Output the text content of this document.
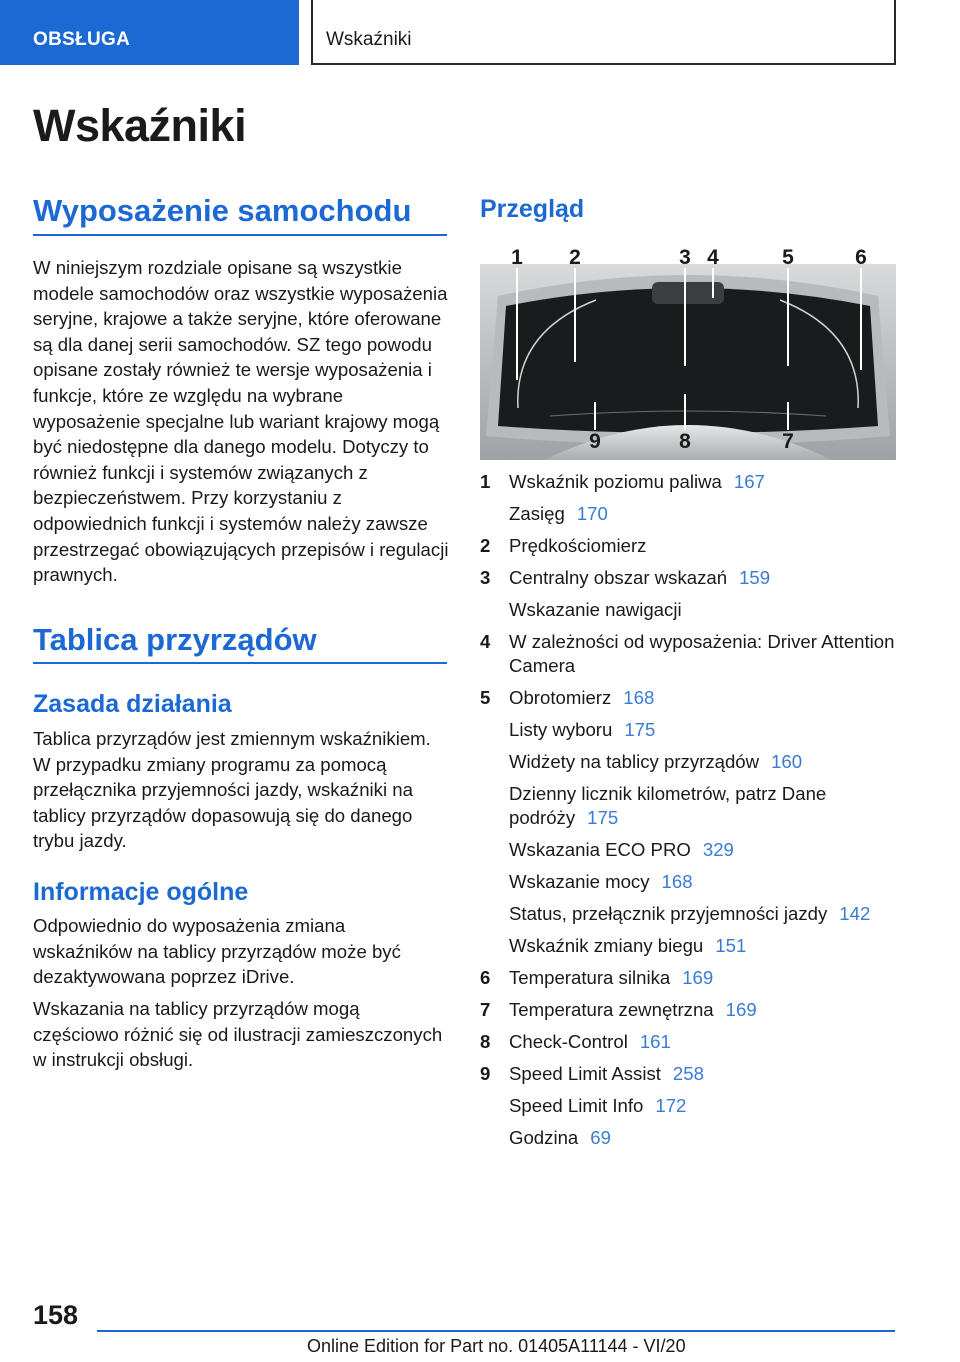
OBSŁUGA	Wskaźniki
Wskaźniki
Wyposażenie samochodu

W niniejszym rozdziale opisane są wszystkie modele samochodów oraz wszystkie wyposażenia seryjne, krajowe a także seryjne, które oferowane są dla danej serii samochodów. SZ tego powodu opisane zostały również te wersje wyposażenia i funkcje, które ze względu na wybrane wyposażenie specjalne lub wariant krajowy mogą być niedostępne dla danego modelu. Dotyczy to również funkcji i systemów związanych z bezpieczeństwem. Przy korzystaniu z odpowiednich funkcji i systemów należy zawsze przestrzegać obowiązujących przepisów i regulacji prawnych.

Tablica przyrządów
Zasada działania

Tablica przyrządów jest zmiennym wskaźnikiem. W przypadku zmiany programu za pomocą przełącznika przyjemności jazdy, wskaźniki na tablicy przyrządów dopasowują się do danego trybu jazdy.

Informacje ogólne

Odpowiednio do wyposażenia zmiana wskaźników na tablicy przyrządów może być dezaktywowana poprzez iDrive.

Wskazania na tablicy przyrządów mogą częściowo różnić się od ilustracji zamieszczonych w instrukcji obsługi.

Przegląd
1 2	3 4	5	6
9	8	7
1 Wskaźnik poziomu paliwa 167
Zasięg 170
2 Prędkościomierz
3 Centralny obszar wskazań 159
Wskazanie nawigacji
4 W zależności od wyposażenia: Driver Attention Camera
5 Obrotomierz 168
Listy wyboru 175
Widżety na tablicy przyrządów 160
Dzienny licznik kilometrów, patrz Dane podróży 175
Wskazania ECO PRO 329
Wskazanie mocy 168
Status, przełącznik przyjemności jazdy 142
Wskaźnik zmiany biegu 151
6 Temperatura silnika 169
7 Temperatura zewnętrzna 169
8 Check-Control 161
9 Speed Limit Assist 258
Speed Limit Info 172
Godzina 69
158
Online Edition for Part no. 01405A11144 - VI/20
